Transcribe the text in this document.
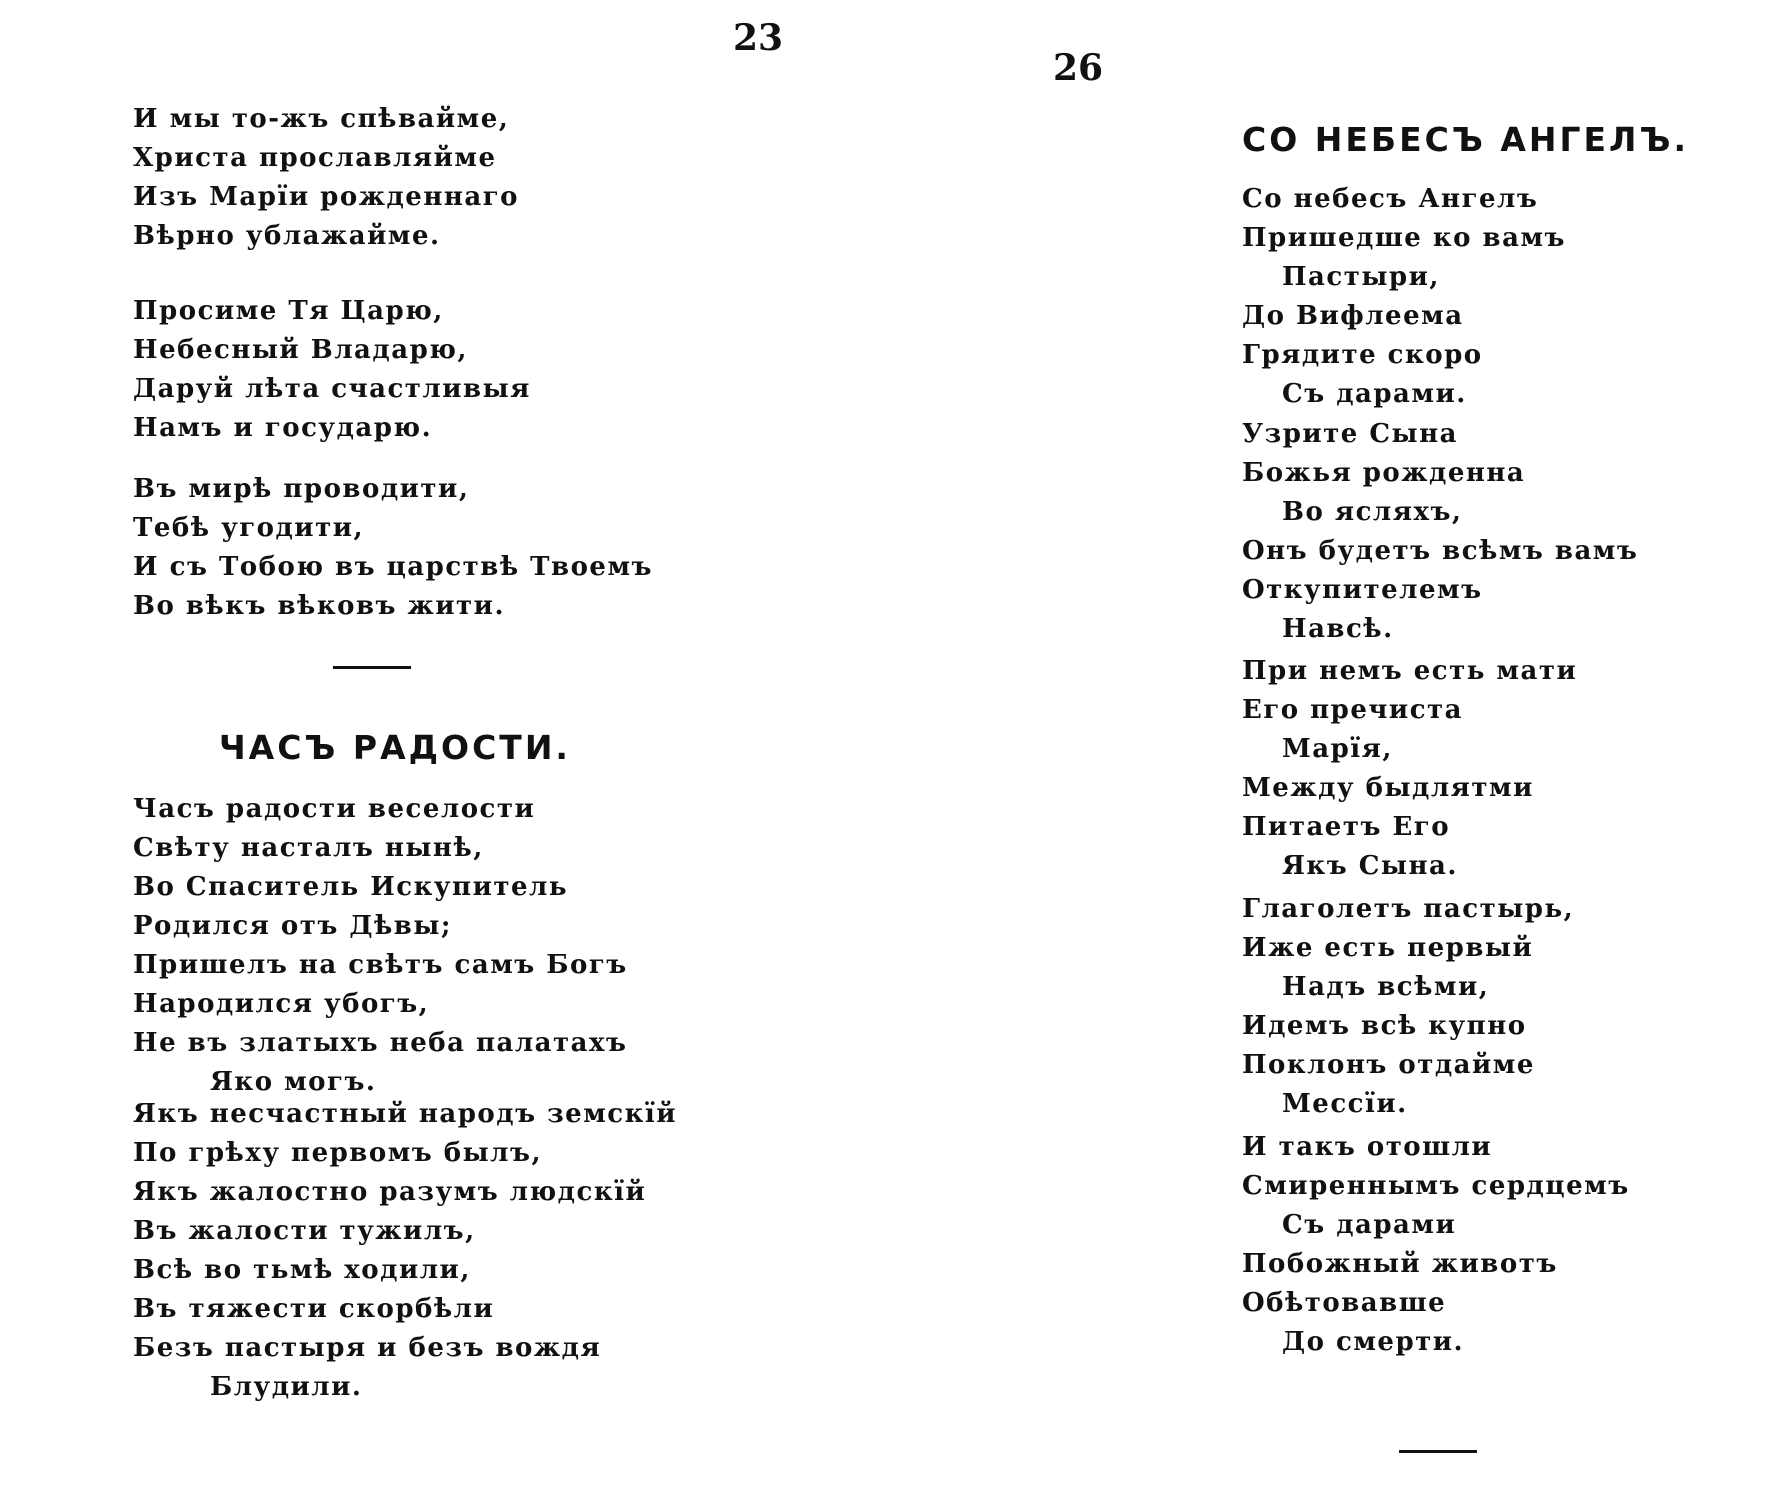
23
26
И мы то-жъ спѣвайме,
Христа прославляйме
Изъ Марїи рожденнаго
Вѣрно ублажайме.
Просиме Тя Царю,
Небесный Владарю,
Даруй лѣта счастливыя
Намъ и государю.
Въ мирѣ проводити,
Тебѣ угодити,
И съ Тобою въ царствѣ Твоемъ
Во вѣкъ вѣковъ жити.
ЧАСЪ РАДОСТИ.
Часъ радости веселости
Свѣту насталъ нынѣ,
Во Спаситель Искупитель
Родился отъ Дѣвы;
Пришелъ на свѣтъ самъ Богъ
Народился убогъ,
Не въ златыхъ неба палатахъ
Яко могъ.
Якъ несчастный народъ земскїй
По грѣху первомъ былъ,
Якъ жалостно разумъ людскїй
Въ жалости тужилъ,
Всѣ во тьмѣ ходили,
Въ тяжести скорбѣли
Безъ пастыря и безъ вождя
Блудили.
СО НЕБЕСЪ АНГЕЛЪ.
Со небесъ Ангелъ
Пришедше ко вамъ
Пастыри,
До Вифлеема
Грядите скоро
Съ дарами.
Узрите Сына
Божья рожденна
Во ясляхъ,
Онъ будетъ всѣмъ вамъ
Откупителемъ
Навсѣ.
При немъ есть мати
Его пречиста
Марїя,
Между быдлятми
Питаетъ Его
Якъ Сына.
Глаголетъ пастырь,
Иже есть первый
Надъ всѣми,
Идемъ всѣ купно
Поклонъ отдайме
Мессїи.
И такъ отошли
Смиреннымъ сердцемъ
Съ дарами
Побожный животъ
Обѣтовавше
До смерти.
